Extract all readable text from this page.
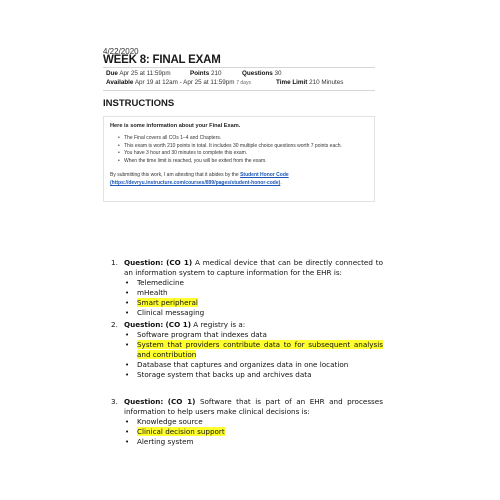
4/22/2020
WEEK 8: FINAL EXAM
Due Apr 25 at 11:59pm	Points 210	Questions 30
Available Apr 19 at 12am - Apr 25 at 11:59pm 7 days	Time Limit 210 Minutes
INSTRUCTIONS
Here is some information about your Final Exam.
• The Final covers all COs 1–4 and Chapters.
• This exam is worth 210 points in total. It includes 30 multiple choice questions worth 7 points each.
• You have 3 hour and 30 minutes to complete this exam.
• When the time limit is reached, you will be exited from the exam.
By submitting this work, I am attesting that it abides by the Student Honor Code
(https://devryu.instructure.com/courses/899/pages/student-honor-code).
1. Question: (CO 1) A medical device that can be directly connected to an information system to capture information for the EHR is:
• Telemedicine
• mHealth
• Smart peripheral
• Clinical messaging
2. Question: (CO 1) A registry is a:
• Software program that indexes data
• System that providers contribute data to for subsequent analysis and contribution
• Database that captures and organizes data in one location
• Storage system that backs up and archives data
3. Question: (CO 1) Software that is part of an EHR and processes information to help users make clinical decisions is:
• Knowledge source
• Clinical decision support
• Alerting system
